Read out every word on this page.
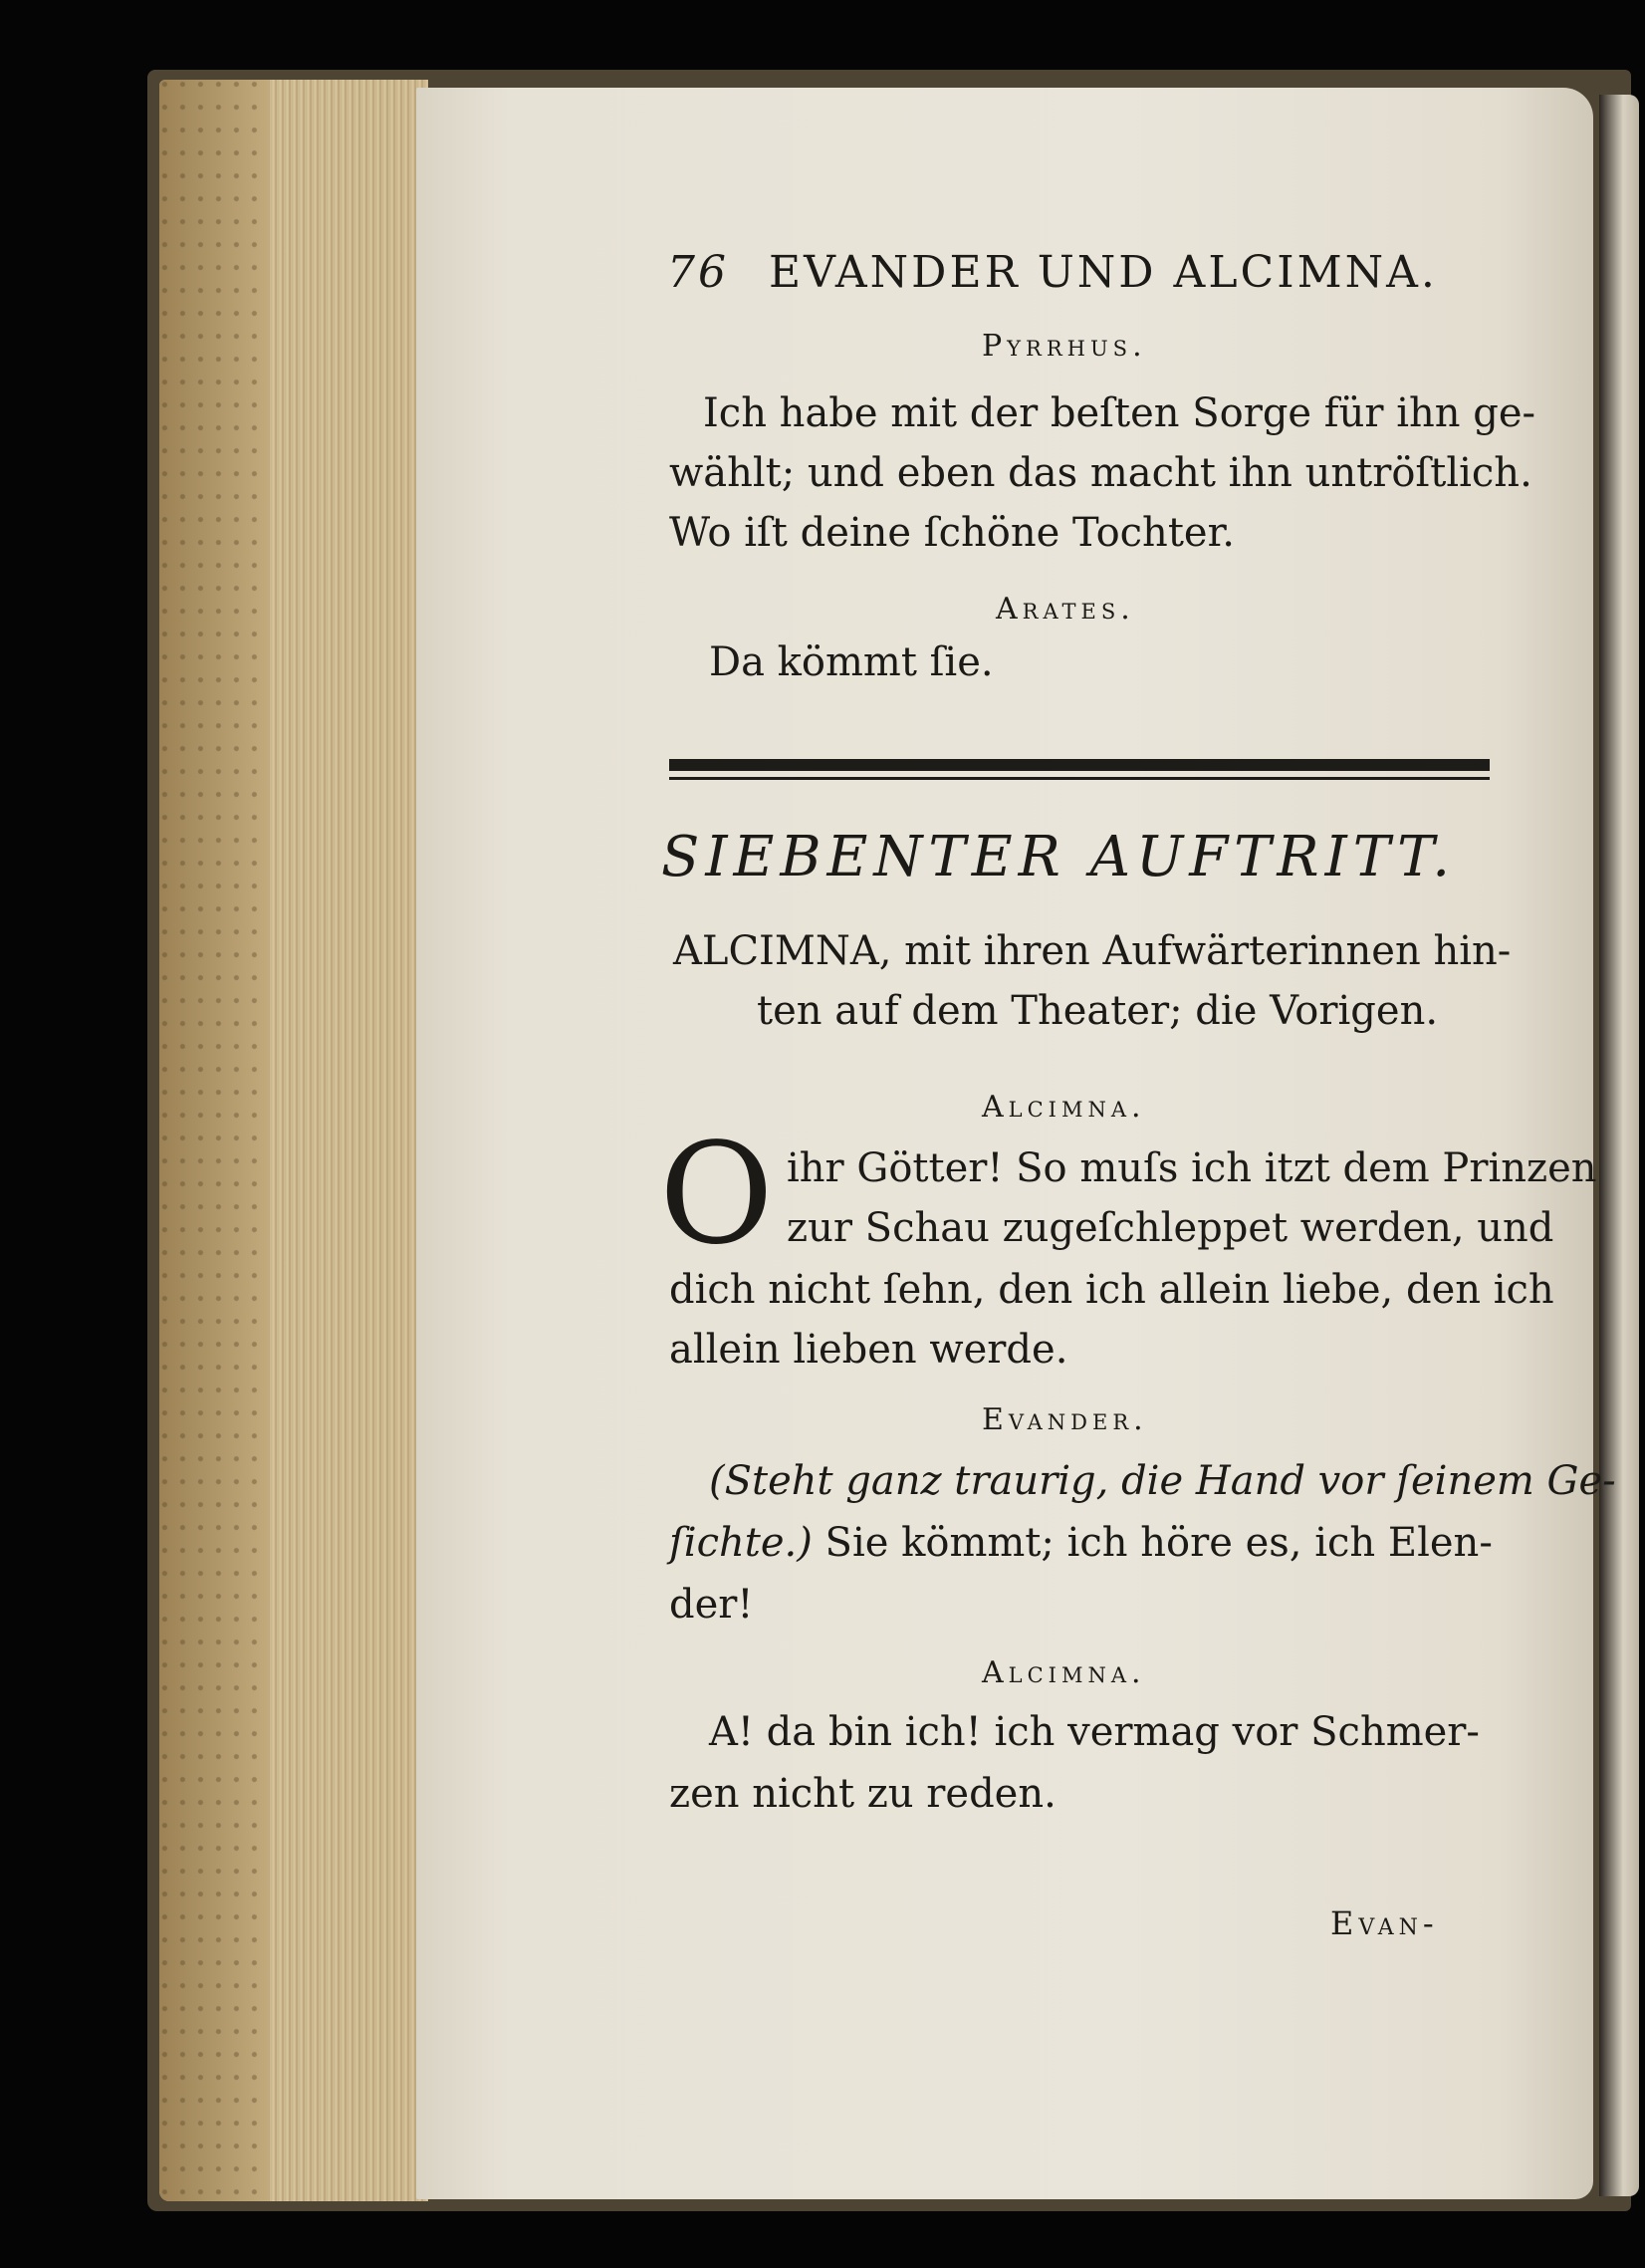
76 EVANDER UND ALCIMNA.
Pyrrhus.
Ich habe mit der beſten Sorge für ihn ge-
wählt; und eben das macht ihn untröſtlich.
Wo iſt deine ſchöne Tochter.
Arates.
Da kömmt ſie.
SIEBENTER AUFTRITT.
ALCIMNA, mit ihren Aufwärterinnen hin-
ten auf dem Theater; die Vorigen.
Alcimna.
O ihr Götter! So muſs ich itzt dem Prinzen
zur Schau zugeſchleppet werden, und
dich nicht ſehn, den ich allein liebe, den ich
allein lieben werde.
Evander.
(Steht ganz traurig, die Hand vor ſeinem Ge-
ſichte.) Sie kömmt; ich höre es, ich Elen-
der!
Alcimna.
A! da bin ich! ich vermag vor Schmer-
zen nicht zu reden.
Evan-
